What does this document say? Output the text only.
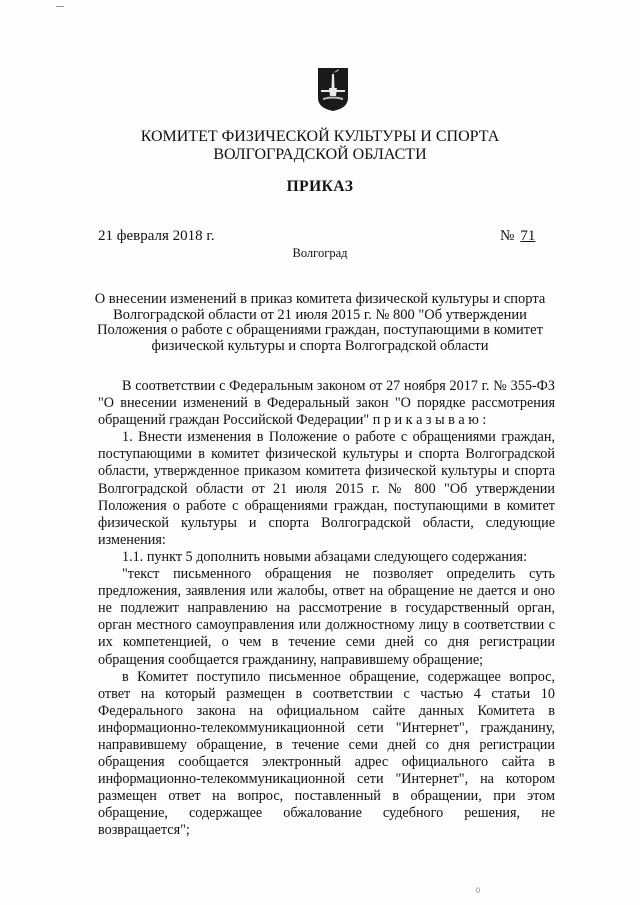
КОМИТЕТ ФИЗИЧЕСКОЙ КУЛЬТУРЫ И СПОРТА
ВОЛГОГРАДСКОЙ ОБЛАСТИ
ПРИКАЗ
21 февраля 2018 г.	№ 71
Волгоград
О внесении изменений в приказ комитета физической культуры и спорта
Волгоградской области от 21 июля 2015 г. № 800 "Об утверждении
Положения о работе с обращениями граждан, поступающими в комитет
физической культуры и спорта Волгоградской области

В соответствии с Федеральным законом от 27 ноября 2017 г. № 355-ФЗ "О внесении изменений в Федеральный закон "О порядке рассмотрения обращений граждан Российской Федерации" п р и к а з ы в а ю :

1. Внести изменения в Положение о работе с обращениями граждан, поступающими в комитет физической культуры и спорта Волгоградской области, утвержденное приказом комитета физической культуры и спорта Волгоградской области от 21 июля 2015 г. № 800 "Об утверждении Положения о работе с обращениями граждан, поступающими в комитет физической культуры и спорта Волгоградской области, следующие изменения:

1.1. пункт 5 дополнить новыми абзацами следующего содержания:

"текст письменного обращения не позволяет определить суть предложения, заявления или жалобы, ответ на обращение не дается и оно не подлежит направлению на рассмотрение в государственный орган, орган местного самоуправления или должностному лицу в соответствии с их компетенцией, о чем в течение семи дней со дня регистрации обращения сообщается гражданину, направившему обращение;

в Комитет поступило письменное обращение, содержащее вопрос, ответ на который размещен в соответствии с частью 4 статьи 10 Федерального закона на официальном сайте данных Комитета в информационно-телекоммуникационной сети "Интернет", гражданину, направившему обращение, в течение семи дней со дня регистрации обращения сообщается электронный адрес официального сайта в информационно-телекоммуникационной сети "Интернет", на котором размещен ответ на вопрос, поставленный в обращении, при этом обращение, содержащее обжалование судебного решения, не возвращается";

0
